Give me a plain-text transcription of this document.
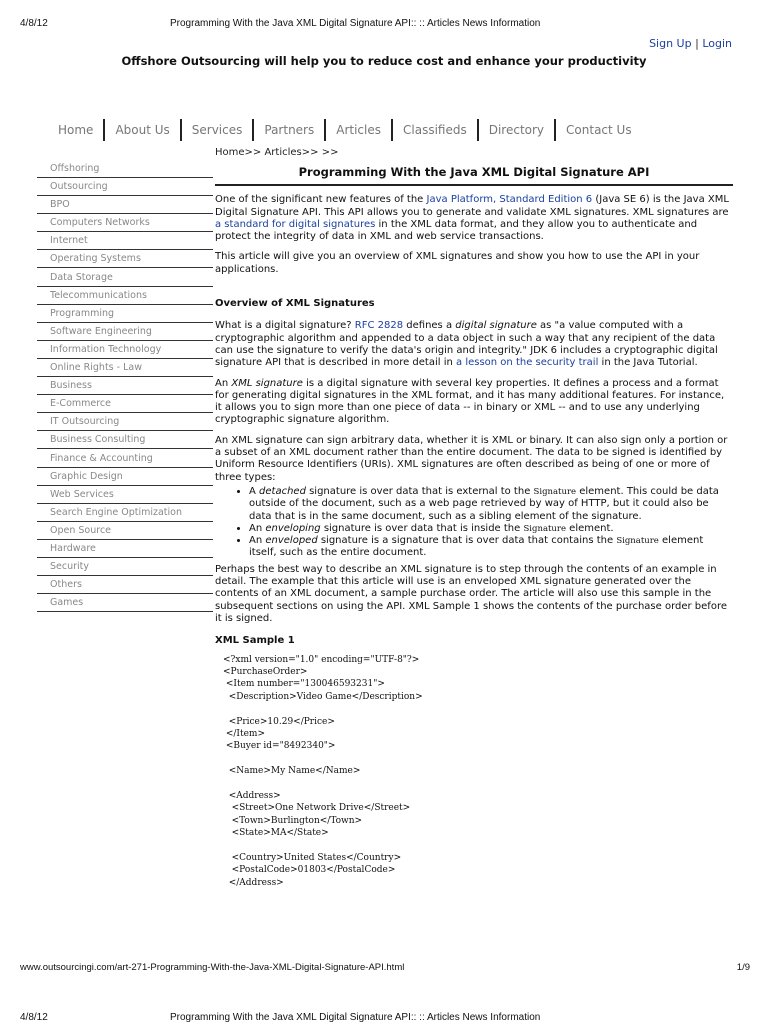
4/8/12	Programming With the Java XML Digital Signature API:: :: Articles News Information
Sign Up | Login
Offshore Outsourcing will help you to reduce cost and enhance your productivity
Home	About Us	Services	Partners	Articles	Classifieds	Directory	Contact Us
Home>> Articles>> >>
Offshoring
Outsourcing
BPO
Computers Networks
Internet
Operating Systems
Data Storage
Telecommunications
Programming
Software Engineering
Information Technology
Online Rights - Law
Business
E-Commerce
IT Outsourcing
Business Consulting
Finance & Accounting
Graphic Design
Web Services
Search Engine Optimization
Open Source
Hardware
Security
Others
Games
Programming With the Java XML Digital Signature API

One of the significant new features of the Java Platform, Standard Edition 6 (Java SE 6) is the Java XML Digital Signature API. This API allows you to generate and validate XML signatures. XML signatures are a standard for digital signatures in the XML data format, and they allow you to authenticate and protect the integrity of data in XML and web service transactions.

This article will give you an overview of XML signatures and show you how to use the API in your applications.

Overview of XML Signatures

What is a digital signature? RFC 2828 defines a digital signature as "a value computed with a cryptographic algorithm and appended to a data object in such a way that any recipient of the data can use the signature to verify the data's origin and integrity." JDK 6 includes a cryptographic digital signature API that is described in more detail in a lesson on the security trail in the Java Tutorial.

An XML signature is a digital signature with several key properties. It defines a process and a format for generating digital signatures in the XML format, and it has many additional features. For instance, it allows you to sign more than one piece of data -- in binary or XML -- and to use any underlying cryptographic signature algorithm.

An XML signature can sign arbitrary data, whether it is XML or binary. It can also sign only a portion or a subset of an XML document rather than the entire document. The data to be signed is identified by Uniform Resource Identifiers (URIs). XML signatures are often described as being of one or more of three types:

• A detached signature is over data that is external to the Signature element. This could be data outside of the document, such as a web page retrieved by way of HTTP, but it could also be data that is in the same document, such as a sibling element of the signature.
• An enveloping signature is over data that is inside the Signature element.
• An enveloped signature is a signature that is over data that contains the Signature element itself, such as the entire document.

Perhaps the best way to describe an XML signature is to step through the contents of an example in detail. The example that this article will use is an enveloped XML signature generated over the contents of an XML document, a sample purchase order. The article will also use this sample in the subsequent sections on using the API. XML Sample 1 shows the contents of the purchase order before it is signed.

XML Sample 1
<?xml version="1.0" encoding="UTF-8"?>
<PurchaseOrder>
<Item number="130046593231">
<Description>Video Game</Description>

<Price>10.29</Price>
</Item>
<Buyer id="8492340">

<Name>My Name</Name>

<Address>
<Street>One Network Drive</Street>
<Town>Burlington</Town>
<State>MA</State>

<Country>United States</Country>
<PostalCode>01803</PostalCode>
</Address>
www.outsourcingi.com/art-271-Programming-With-the-Java-XML-Digital-Signature-API.html	1/9
4/8/12	Programming With the Java XML Digital Signature API:: :: Articles News Information
